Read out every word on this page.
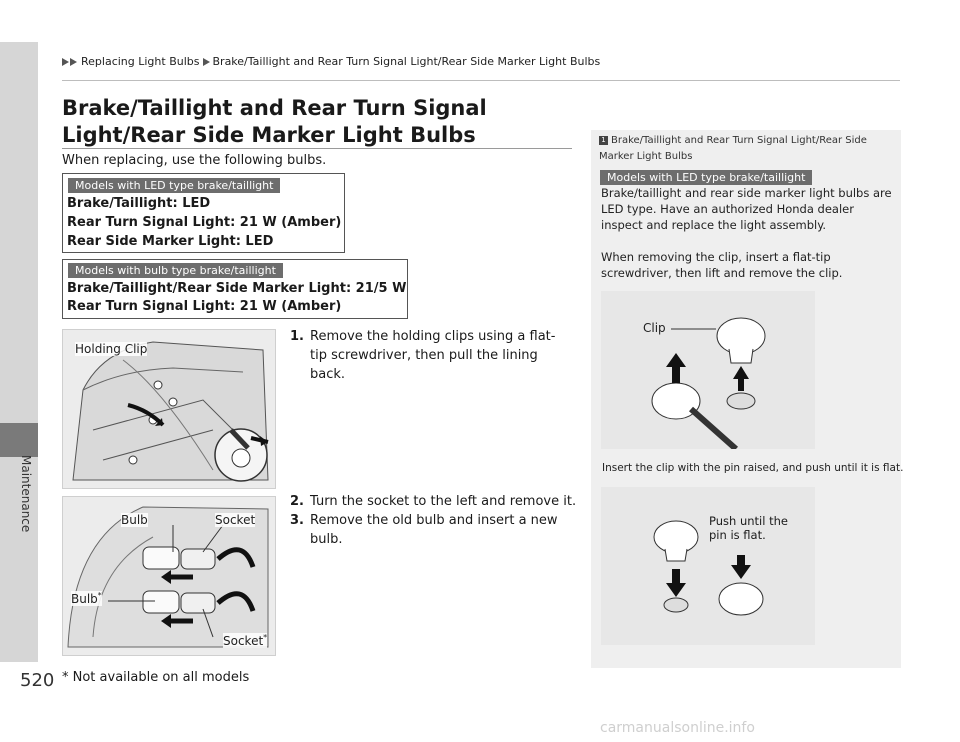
Maintenance
Replacing Light Bulbs Brake/Taillight and Rear Turn Signal Light/Rear Side Marker Light Bulbs
Brake/Taillight and Rear Turn Signal Light/Rear Side Marker Light Bulbs
When replacing, use the following bulbs.
Models with LED type brake/taillight
Brake/Taillight: LED
Rear Turn Signal Light: 21 W (Amber)
Rear Side Marker Light: LED
Models with bulb type brake/taillight
Brake/Taillight/Rear Side Marker Light: 21/5 W
Rear Turn Signal Light: 21 W (Amber)
Holding Clip
Bulb	Socket
Bulb*
Socket*
1. Remove the holding clips using a flat-tip screwdriver, then pull the lining back.
2. Turn the socket to the left and remove it.
3. Remove the old bulb and insert a new bulb.
* Not available on all models
520
1 Brake/Taillight and Rear Turn Signal Light/Rear Side Marker Light Bulbs
Models with LED type brake/taillight
Brake/taillight and rear side marker light bulbs are LED type. Have an authorized Honda dealer inspect and replace the light assembly.
When removing the clip, insert a flat-tip screwdriver, then lift and remove the clip.
Clip
Insert the clip with the pin raised, and push until it is flat.
Push until the pin is flat.
carmanualsonline.info
